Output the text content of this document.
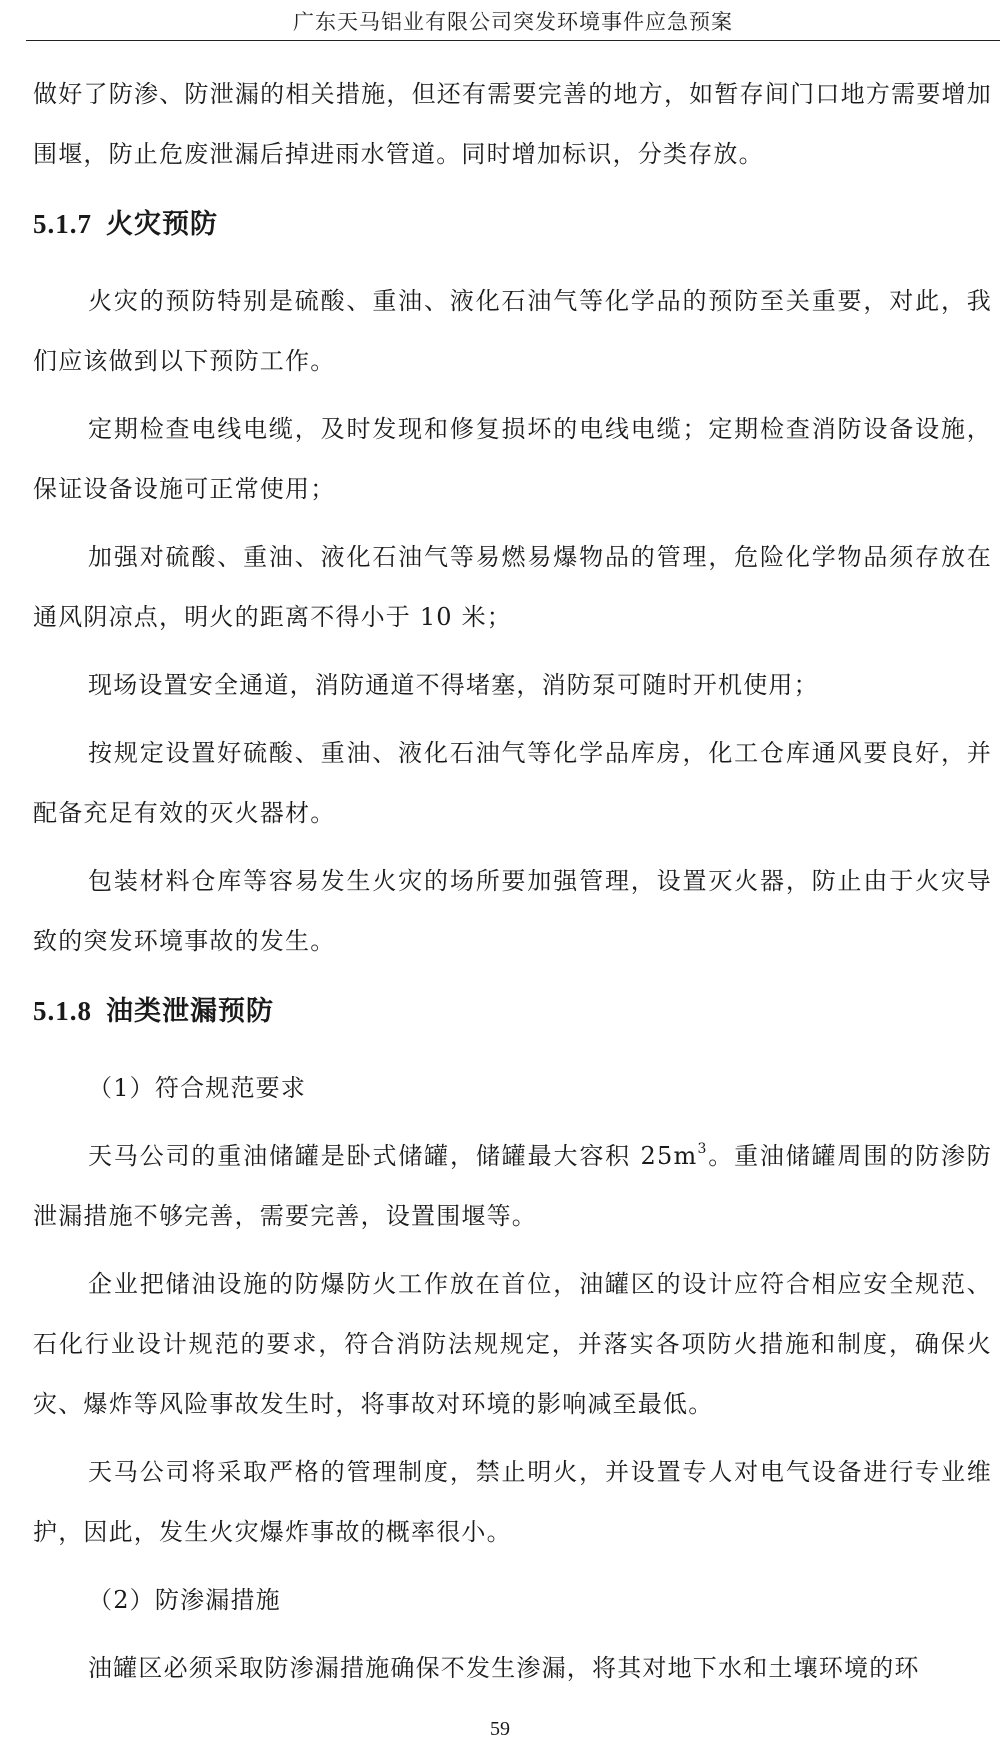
广东天马铝业有限公司突发环境事件应急预案

做好了防渗、防泄漏的相关措施，但还有需要完善的地方，如暂存间门口地方需要增加围堰，防止危废泄漏后掉进雨水管道。同时增加标识，分类存放。

5.1.7 火灾预防

火灾的预防特别是硫酸、重油、液化石油气等化学品的预防至关重要，对此，我们应该做到以下预防工作。

定期检查电线电缆，及时发现和修复损坏的电线电缆；定期检查消防设备设施，保证设备设施可正常使用；

加强对硫酸、重油、液化石油气等易燃易爆物品的管理，危险化学物品须存放在通风阴凉点，明火的距离不得小于 10 米；

现场设置安全通道，消防通道不得堵塞，消防泵可随时开机使用；

按规定设置好硫酸、重油、液化石油气等化学品库房，化工仓库通风要良好，并配备充足有效的灭火器材。

包装材料仓库等容易发生火灾的场所要加强管理，设置灭火器，防止由于火灾导致的突发环境事故的发生。

5.1.8 油类泄漏预防

（1）符合规范要求

天马公司的重油储罐是卧式储罐，储罐最大容积 $25m^3$。重油储罐周围的防渗防泄漏措施不够完善，需要完善，设置围堰等。

企业把储油设施的防爆防火工作放在首位，油罐区的设计应符合相应安全规范、石化行业设计规范的要求，符合消防法规规定，并落实各项防火措施和制度，确保火灾、爆炸等风险事故发生时，将事故对环境的影响减至最低。

天马公司将采取严格的管理制度，禁止明火，并设置专人对电气设备进行专业维护，因此，发生火灾爆炸事故的概率很小。

（2）防渗漏措施

油罐区必须采取防渗漏措施确保不发生渗漏，将其对地下水和土壤环境的环

59
